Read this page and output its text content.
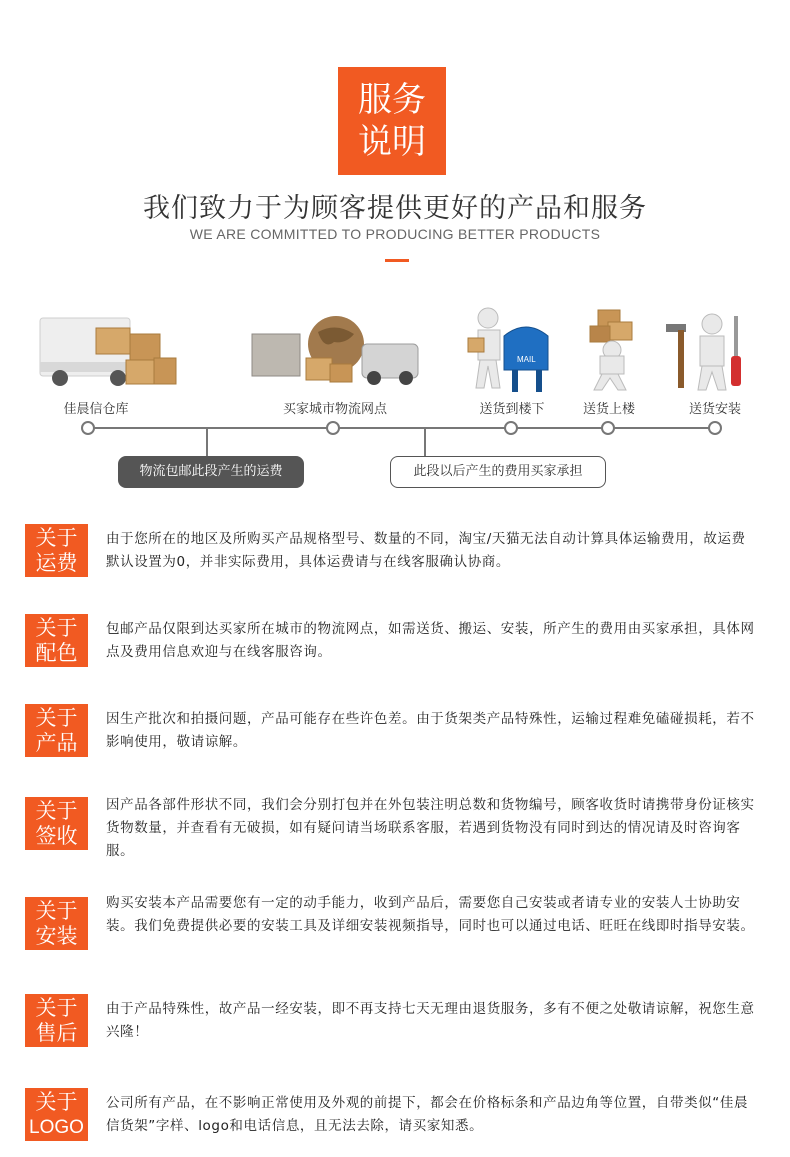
服务
说明
我们致力于为顾客提供更好的产品和服务
WE ARE COMMITTED TO PRODUCING BETTER PRODUCTS
MAIL
佳晨信仓库	买家城市物流网点	送货到楼下	送货上楼	送货安装
物流包邮此段产生的运费	此段以后产生的费用买家承担
关于
运费
由于您所在的地区及所购买产品规格型号、数量的不同，淘宝/天猫无法自动计算具体运输费用，故运费默认设置为0，并非实际费用，具体运费请与在线客服确认协商。
关于
配色
包邮产品仅限到达买家所在城市的物流网点，如需送货、搬运、安装，所产生的费用由买家承担，具体网点及费用信息欢迎与在线客服咨询。
关于
产品
因生产批次和拍摄问题，产品可能存在些许色差。由于货架类产品特殊性，运输过程难免磕碰损耗，若不影响使用，敬请谅解。
关于
签收
因产品各部件形状不同，我们会分别打包并在外包装注明总数和货物编号，顾客收货时请携带身份证核实货物数量，并查看有无破损，如有疑问请当场联系客服，若遇到货物没有同时到达的情况请及时咨询客服。
关于
安装
购买安装本产品需要您有一定的动手能力，收到产品后，需要您自己安装或者请专业的安装人士协助安装。我们免费提供必要的安装工具及详细安装视频指导，同时也可以通过电话、旺旺在线即时指导安装。
关于
售后
由于产品特殊性，故产品一经安装，即不再支持七天无理由退货服务，多有不便之处敬请谅解，祝您生意兴隆！
关于
LOGO
公司所有产品，在不影响正常使用及外观的前提下，都会在价格标条和产品边角等位置，自带类似“佳晨信货架”字样、logo和电话信息，且无法去除，请买家知悉。
